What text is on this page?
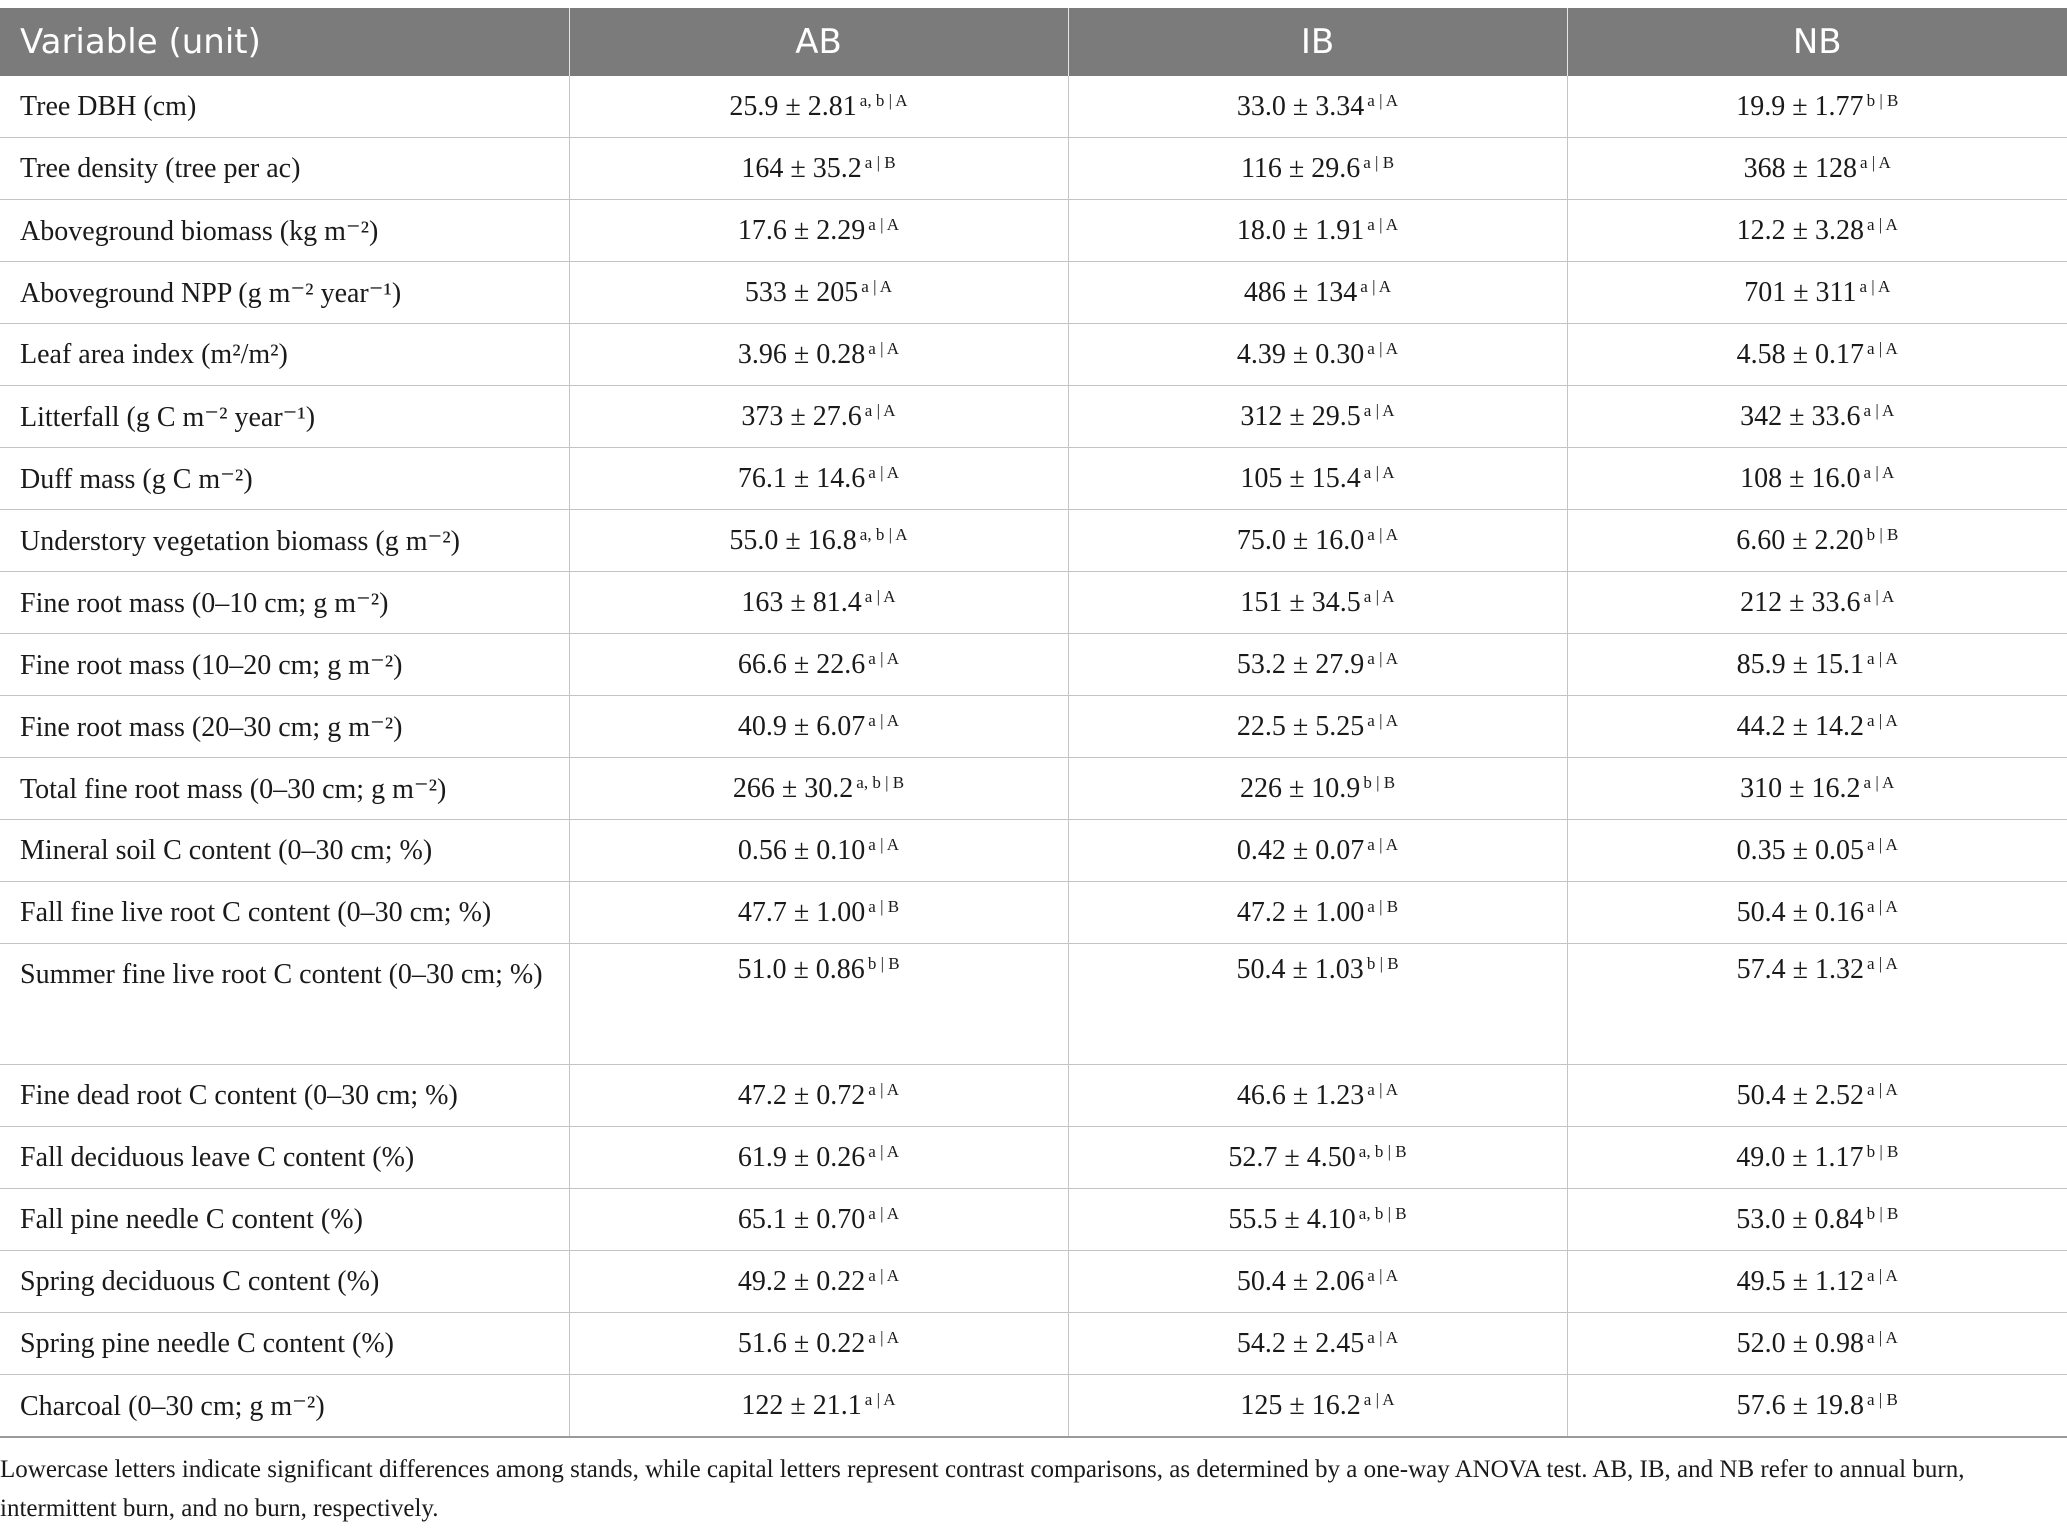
Variable (unit)	AB	IB	NB
Tree DBH (cm)	25.9 ± 2.81 $^{a, b | A}$	33.0 ± 3.34 $^{a | A}$	19.9 ± 1.77 $^{b | B}$
Tree density (tree per ac)	164 ± 35.2 $^{a | B}$	116 ± 29.6 $^{a | B}$	368 ± 128 $^{a | A}$
Aboveground biomass (kg m⁻²)	17.6 ± 2.29 $^{a | A}$	18.0 ± 1.91 $^{a | A}$	12.2 ± 3.28 $^{a | A}$
Aboveground NPP (g m⁻² year⁻¹)	533 ± 205 $^{a | A}$	486 ± 134 $^{a | A}$	701 ± 311 $^{a | A}$
Leaf area index (m²/m²)	3.96 ± 0.28 $^{a | A}$	4.39 ± 0.30 $^{a | A}$	4.58 ± 0.17 $^{a | A}$
Litterfall (g C m⁻² year⁻¹)	373 ± 27.6 $^{a | A}$	312 ± 29.5 $^{a | A}$	342 ± 33.6 $^{a | A}$
Duff mass (g C m⁻²)	76.1 ± 14.6 $^{a | A}$	105 ± 15.4 $^{a | A}$	108 ± 16.0 $^{a | A}$
Understory vegetation biomass (g m⁻²)	55.0 ± 16.8 $^{a, b | A}$	75.0 ± 16.0 $^{a | A}$	6.60 ± 2.20 $^{b | B}$
Fine root mass (0–10 cm; g m⁻²)	163 ± 81.4 $^{a | A}$	151 ± 34.5 $^{a | A}$	212 ± 33.6 $^{a | A}$
Fine root mass (10–20 cm; g m⁻²)	66.6 ± 22.6 $^{a | A}$	53.2 ± 27.9 $^{a | A}$	85.9 ± 15.1 $^{a | A}$
Fine root mass (20–30 cm; g m⁻²)	40.9 ± 6.07 $^{a | A}$	22.5 ± 5.25 $^{a | A}$	44.2 ± 14.2 $^{a | A}$
Total fine root mass (0–30 cm; g m⁻²)	266 ± 30.2 $^{a, b | B}$	226 ± 10.9 $^{b | B}$	310 ± 16.2 $^{a | A}$
Mineral soil C content (0–30 cm; %)	0.56 ± 0.10 $^{a | A}$	0.42 ± 0.07 $^{a | A}$	0.35 ± 0.05 $^{a | A}$
Fall fine live root C content (0–30 cm; %)	47.7 ± 1.00 $^{a | B}$	47.2 ± 1.00 $^{a | B}$	50.4 ± 0.16 $^{a | A}$
Summer fine live root C content (0–30 cm; %)	51.0 ± 0.86 $^{b | B}$	50.4 ± 1.03 $^{b | B}$	57.4 ± 1.32 $^{a | A}$
Fine dead root C content (0–30 cm; %)	47.2 ± 0.72 $^{a | A}$	46.6 ± 1.23 $^{a | A}$	50.4 ± 2.52 $^{a | A}$
Fall deciduous leave C content (%)	61.9 ± 0.26 $^{a | A}$	52.7 ± 4.50 $^{a, b | B}$	49.0 ± 1.17 $^{b | B}$
Fall pine needle C content (%)	65.1 ± 0.70 $^{a | A}$	55.5 ± 4.10 $^{a, b | B}$	53.0 ± 0.84 $^{b | B}$
Spring deciduous C content (%)	49.2 ± 0.22 $^{a | A}$	50.4 ± 2.06 $^{a | A}$	49.5 ± 1.12 $^{a | A}$
Spring pine needle C content (%)	51.6 ± 0.22 $^{a | A}$	54.2 ± 2.45 $^{a | A}$	52.0 ± 0.98 $^{a | A}$
Charcoal (0–30 cm; g m⁻²)	122 ± 21.1 $^{a | A}$	125 ± 16.2 $^{a | A}$	57.6 ± 19.8 $^{a | B}$

Lowercase letters indicate significant differences among stands, while capital letters represent contrast comparisons, as determined by a one-way ANOVA test. AB, IB, and NB refer to annual burn, intermittent burn, and no burn, respectively.
